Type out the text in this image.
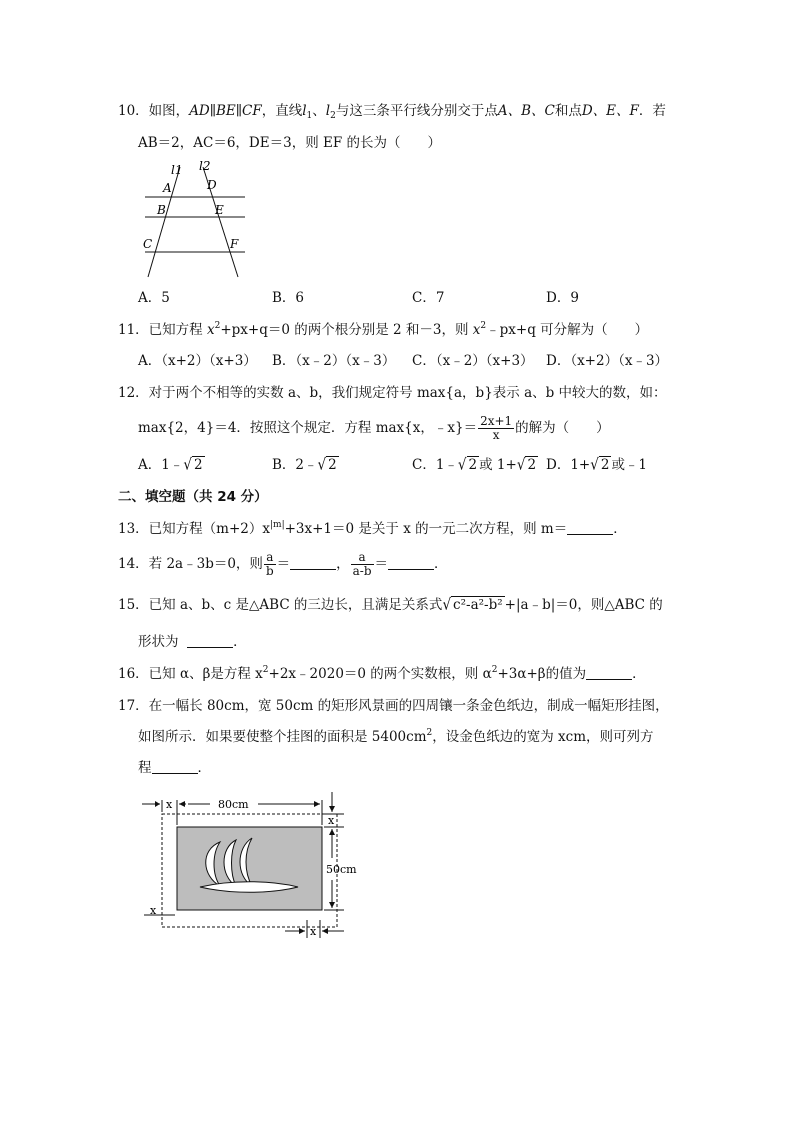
10．如图，AD∥BE∥CF，直线$l_1$、$l_2$与这三条平行线分别交于点A、B、C和点D、E、F．若
AB＝2，AC＝6，DE＝3，则 EF 的长为（　　）
l1 l2
A
B
C
D
E
F
A．5	B．6	C．7	D．9
11．已知方程 $x^2+px+q=0$ 的两个根分别是 2 和－3，则 $x^2﹣px+q$ 可分解为（　　）
A．（x+2）（x+3） B．（x﹣2）（x﹣3） C．（x﹣2）（x+3） D．（x+2）（x﹣3）
12．对于两个不相等的实数 a、b，我们规定符号 max{a，b}表示 a、b 中较大的数，如：
max{2，4}＝4．按照这个规定．方程 max{x，﹣x}＝ $\frac{2x+1}{x}$ 的解为（　　）
A．1﹣√ 2	B．2﹣√ 2	C．1﹣√ 2 或 1+√ 2 D．1+√ 2 或﹣1
二、填空题（共 24 分）
13．已知方程$(m+2)x^{|m|}+3x+1=0$ 是关于 x 的一元二次方程，则 m＝	．
14．若 2a﹣3b＝0，则 $\frac{a}{b}$ ＝	， $\frac{a}{a-b}$ ＝	．
15．已知 a、b、c 是△ABC 的三边长，且满足关系式√ c²-a²-b² +|a﹣b|＝0，则△ABC 的
形状为	．
16．已知 α、β是方程 $x^2+2x﹣2020=0$ 的两个实数根，则 $\alpha^2+3\alpha+\beta$的值为	．
17．在一幅长 80cm，宽 50cm 的矩形风景画的四周镶一条金色纸边，制成一幅矩形挂图，
如图所示．如果要使整个挂图的面积是 $5400cm^2$，设金色纸边的宽为 xcm，则可列方
程	．
x	80cm
x
50cm
x
x
